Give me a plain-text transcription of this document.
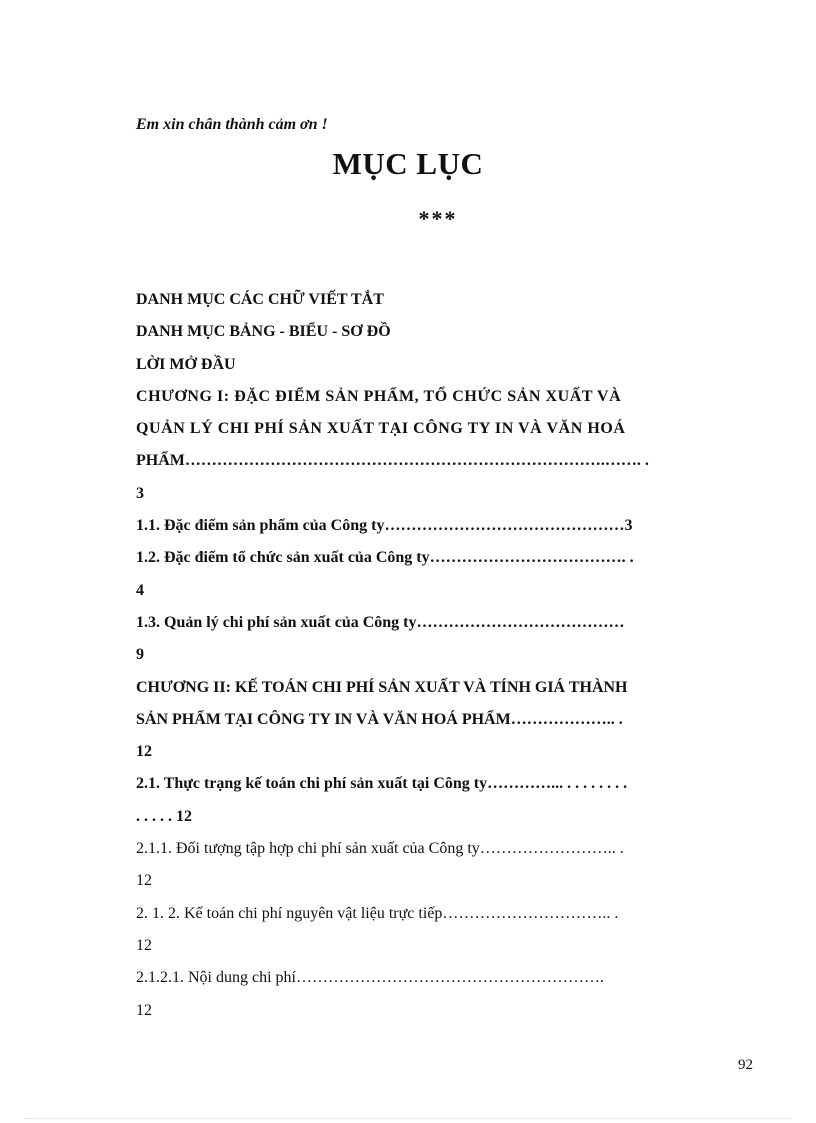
Em xin chân thành cảm ơn !
MỤC LỤC
***
DANH MỤC CÁC CHỮ VIẾT TẮT
DANH MỤC BẢNG - BIỂU - SƠ ĐỒ
LỜI MỞ ĐẦU
CHƯƠNG I: ĐẶC ĐIỂM SẢN PHẨM, TỔ CHỨC SẢN XUẤT VÀ
QUẢN LÝ CHI PHÍ SẢN XUẤT TẠI CÔNG TY IN VÀ VĂN HOÁ
PHẨM…………………………………………………………………….……. .
3
1.1. Đặc điểm sản phẩm của Công ty………………………………………3
1.2. Đặc điểm tổ chức sản xuất của Công ty………………………………. .
4
1.3. Quản lý chi phí sản xuất của Công ty…………………………………
9
CHƯƠNG II: KẾ TOÁN CHI PHÍ SẢN XUẤT VÀ TÍNH GIÁ THÀNH
SẢN PHẨM TẠI CÔNG TY IN VÀ VĂN HOÁ PHẨM……………….. .
12
2.1. Thực trạng kế toán chi phí sản xuất tại Công ty…………... . . . . . . . .
. . . . . 12
2.1.1. Đối tượng tập hợp chi phí sản xuất của Công ty…………………….. .
12
2. 1. 2. Kế toán chi phí nguyên vật liệu trực tiếp………………………….. .
12
2.1.2.1. Nội dung chi phí………………………………………………….
12
92
